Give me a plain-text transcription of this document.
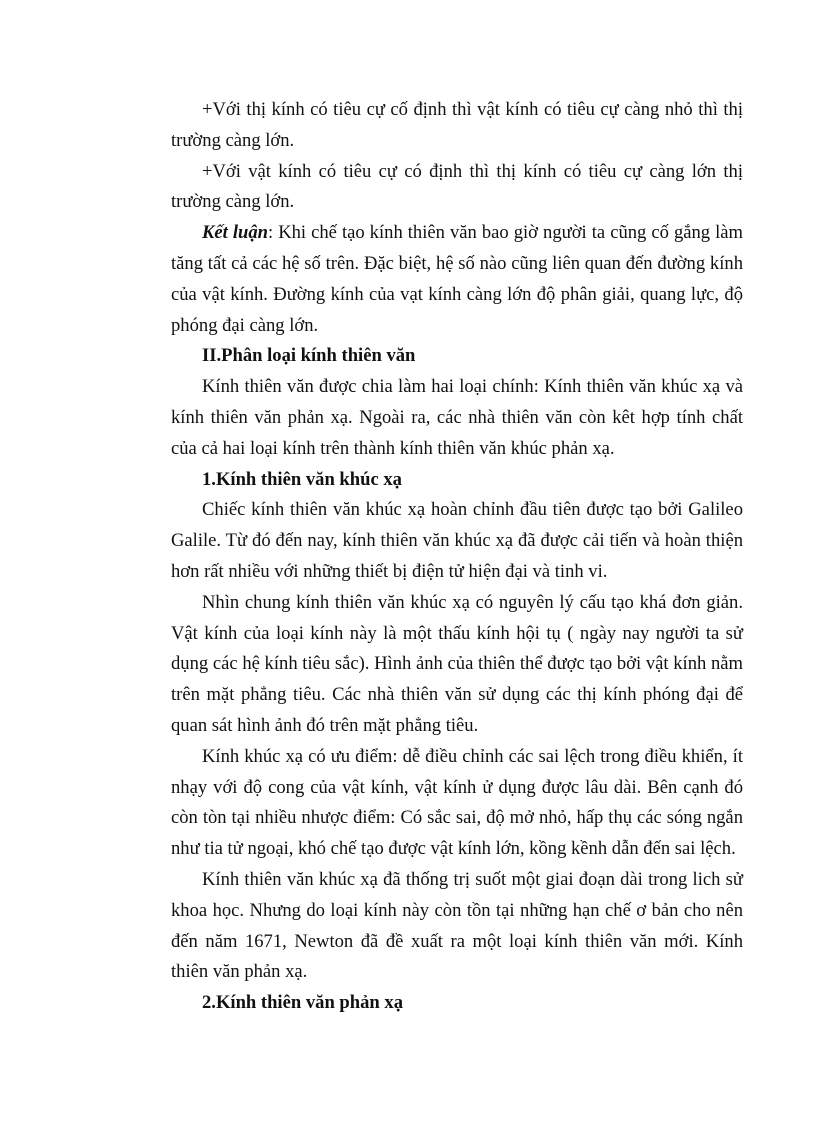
+Với thị kính có tiêu cự cố định thì vật kính có tiêu cự càng nhỏ thì thị trường càng lớn.

+Với vật kính có tiêu cự có định thì thị kính có tiêu cự càng lớn thị trường càng lớn.

Kết luận: Khi chế tạo kính thiên văn bao giờ người ta cũng cố gắng làm tăng tất cả các hệ số trên. Đặc biệt, hệ số nào cũng liên quan đến đường kính của vật kính. Đường kính của vạt kính càng lớn độ phân giải, quang lực, độ phóng đại càng lớn.

II.Phân loại kính thiên văn

Kính thiên văn được chia làm hai loại chính: Kính thiên văn khúc xạ và kính thiên văn phản xạ. Ngoài ra, các nhà thiên văn còn kêt hợp tính chất của cả hai loại kính trên thành kính thiên văn khúc phản xạ.

1.Kính thiên văn khúc xạ

Chiếc kính thiên văn khúc xạ hoàn chỉnh đầu tiên được tạo bởi Galileo Galile. Từ đó đến nay, kính thiên văn khúc xạ đã được cải tiến và hoàn thiện hơn rất nhiều với những thiết bị điện tử hiện đại và tinh vi.

Nhìn chung kính thiên văn khúc xạ có nguyên lý cấu tạo khá đơn giản. Vật kính của loại kính này là một thấu kính hội tụ ( ngày nay người ta sử dụng các hệ kính tiêu sắc). Hình ảnh của thiên thể được tạo bởi vật kính nằm trên mặt phẳng tiêu. Các nhà thiên văn sử dụng các thị kính phóng đại để quan sát hình ảnh đó trên mặt phẳng tiêu.

Kính khúc xạ có ưu điểm: dễ điều chỉnh các sai lệch trong điều khiển, ít nhạy với độ cong của vật kính, vật kính ử dụng được lâu dài. Bên cạnh đó còn tòn tại nhiều nhược điểm: Có sắc sai, độ mở nhỏ, hấp thụ các sóng ngắn như tia tử ngoại, khó chế tạo được vật kính lớn, kồng kềnh dẫn đến sai lệch.

Kính thiên văn khúc xạ đã thống trị suốt một giai đoạn dài trong lich sử khoa học. Nhưng do loại kính này còn tồn tại những hạn chế ơ bản cho nên đến năm 1671, Newton đã đề xuất ra một loại kính thiên văn mới. Kính thiên văn phản xạ.

2.Kính thiên văn phản xạ
